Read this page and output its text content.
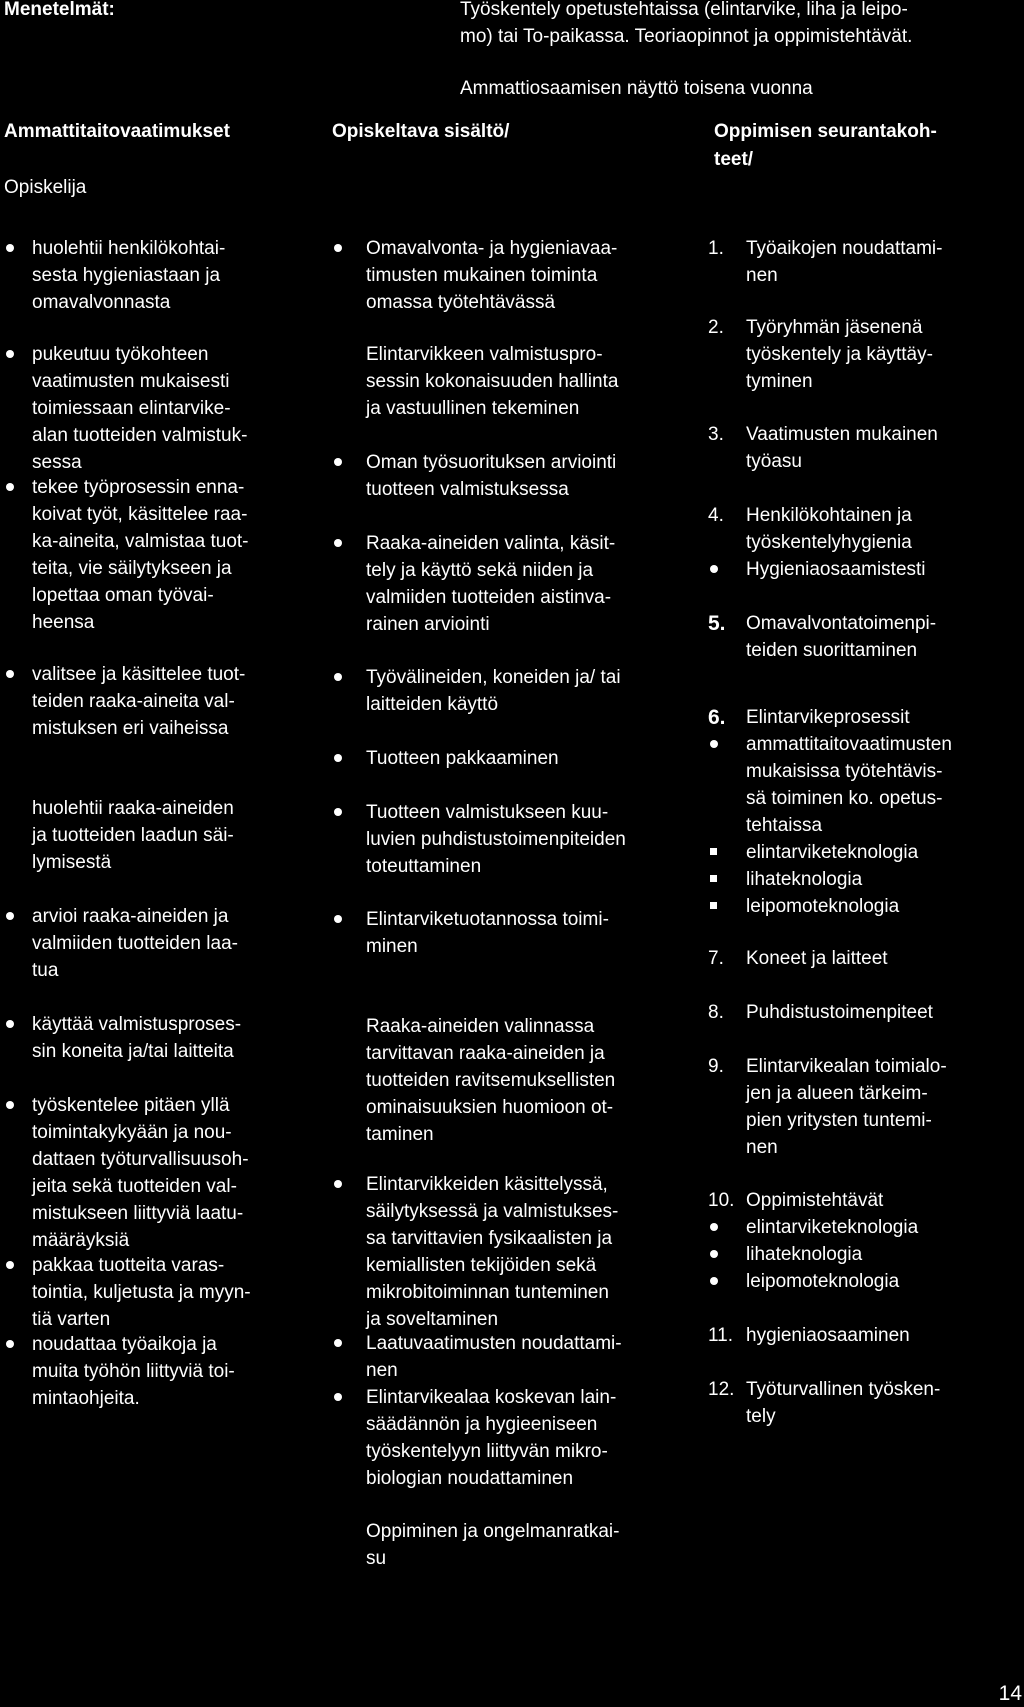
Menetelmät:	Työskentely opetustehtaissa (elintarvike, liha ja leipo-
mo) tai To-paikassa. Teoriaopinnot ja oppimistehtävät.
Ammattiosaamisen näyttö toisena vuonna
Ammattitaitovaatimukset
Opiskelija
Opiskeltava sisältö/	Oppimisen seurantakoh-
teet/
huolehtii henkilökohtai-
sesta hygieniastaan ja
omavalvonnasta
pukeutuu työkohteen
vaatimusten mukaisesti
toimiessaan elintarvike-
alan tuotteiden valmistuk-
sessa
tekee työprosessin enna-
koivat työt, käsittelee raa-
ka-aineita, valmistaa tuot-
teita, vie säilytykseen ja
lopettaa oman työvai-
heensa
valitsee ja käsittelee tuot-
teiden raaka-aineita val-
mistuksen eri vaiheissa
huolehtii raaka-aineiden
ja tuotteiden laadun säi-
lymisestä
arvioi raaka-aineiden ja
valmiiden tuotteiden laa-
tua
käyttää valmistusproses-
sin koneita ja/tai laitteita
työskentelee pitäen yllä
toimintakykyään ja nou-
dattaen työturvallisuusoh-
jeita sekä tuotteiden val-
mistukseen liittyviä laatu-
määräyksiä
pakkaa tuotteita varas-
tointia, kuljetusta ja myyn-
tiä varten
noudattaa työaikoja ja
muita työhön liittyviä toi-
mintaohjeita.
Omavalvonta- ja hygieniavaa-
timusten mukainen toiminta
omassa työtehtävässä
Elintarvikkeen valmistuspro-
sessin kokonaisuuden hallinta
ja vastuullinen tekeminen
Oman työsuorituksen arviointi
tuotteen valmistuksessa
Raaka-aineiden valinta, käsit-
tely ja käyttö sekä niiden ja
valmiiden tuotteiden aistinva-
rainen arviointi
Työvälineiden, koneiden ja/ tai
laitteiden käyttö
Tuotteen pakkaaminen
Tuotteen valmistukseen kuu-
luvien puhdistustoimenpiteiden
toteuttaminen
Elintarviketuotannossa toimi-
minen
Raaka-aineiden valinnassa
tarvittavan raaka-aineiden ja
tuotteiden ravitsemuksellisten
ominaisuuksien huomioon ot-
taminen
Elintarvikkeiden käsittelyssä,
säilytyksessä ja valmistukses-
sa tarvittavien fysikaalisten ja
kemiallisten tekijöiden sekä
mikrobitoiminnan tunteminen
ja soveltaminen
Laatuvaatimusten noudattami-
nen
Elintarvikealaa koskevan lain-
säädännön ja hygieeniseen
työskentelyyn liittyvän mikro-
biologian noudattaminen
Oppiminen ja ongelmanratkai-
su
1. Työaikojen noudattami-
nen
2. Työryhmän jäsenenä
työskentely ja käyttäy-
tyminen
3. Vaatimusten mukainen
työasu
4. Henkilökohtainen ja
työskentelyhygienia
Hygieniaosaamistesti
5. Omavalvontatoimenpi-
teiden suorittaminen
6. Elintarvikeprosessit
ammattitaitovaatimusten
mukaisissa työtehtävis-
sä toiminen ko. opetus-
tehtaissa
elintarviketeknologia
lihateknologia
leipomoteknologia
7. Koneet ja laitteet
8. Puhdistustoimenpiteet
9. Elintarvikealan toimialo-
jen ja alueen tärkeim-
pien yritysten tuntemi-
nen
10. Oppimistehtävät
elintarviketeknologia
lihateknologia
leipomoteknologia
11. hygieniaosaaminen
12. Työturvallinen työsken-
tely
14
